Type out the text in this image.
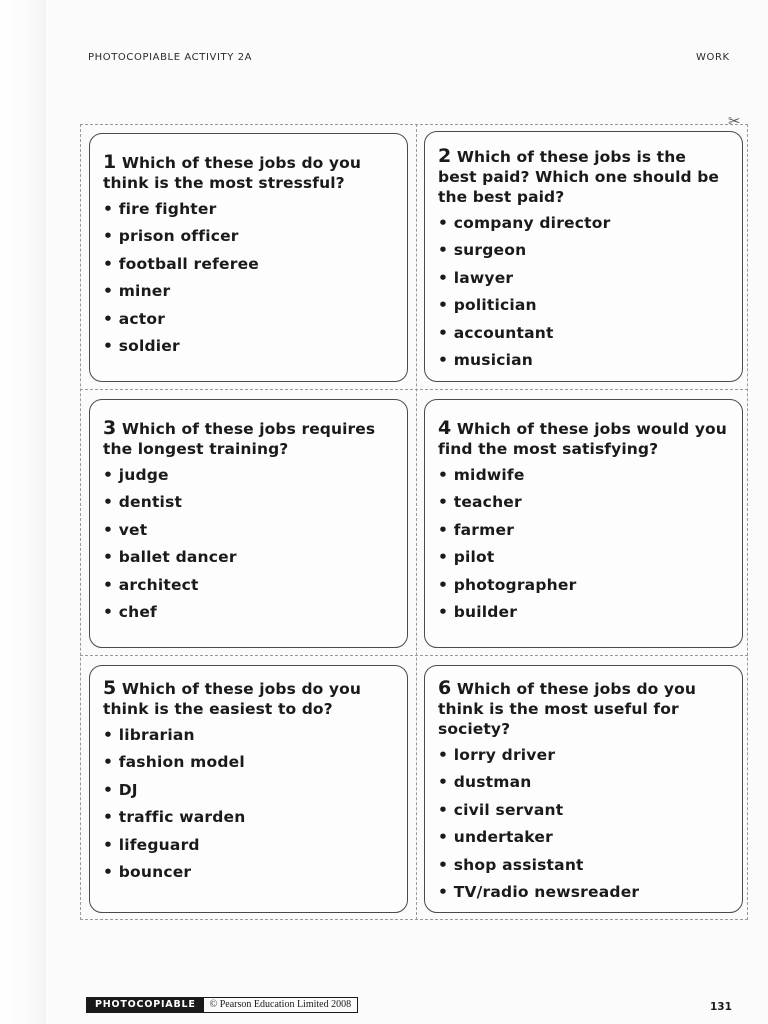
PHOTOCOPIABLE ACTIVITY 2A	WORK
✂
1 Which of these jobs do you think is the most stressful?
• fire fighter
• prison officer
• football referee
• miner
• actor
• soldier
2 Which of these jobs is the best paid? Which one should be the best paid?
• company director
• surgeon
• lawyer
• politician
• accountant
• musician
3 Which of these jobs requires the longest training?
• judge
• dentist
• vet
• ballet dancer
• architect
• chef
4 Which of these jobs would you find the most satisfying?
• midwife
• teacher
• farmer
• pilot
• photographer
• builder
5 Which of these jobs do you think is the easiest to do?
• librarian
• fashion model
• DJ
• traffic warden
• lifeguard
• bouncer
6 Which of these jobs do you think is the most useful for society?
• lorry driver
• dustman
• civil servant
• undertaker
• shop assistant
• TV/radio newsreader
PHOTOCOPIABLE	© Pearson Education Limited 2008	131
